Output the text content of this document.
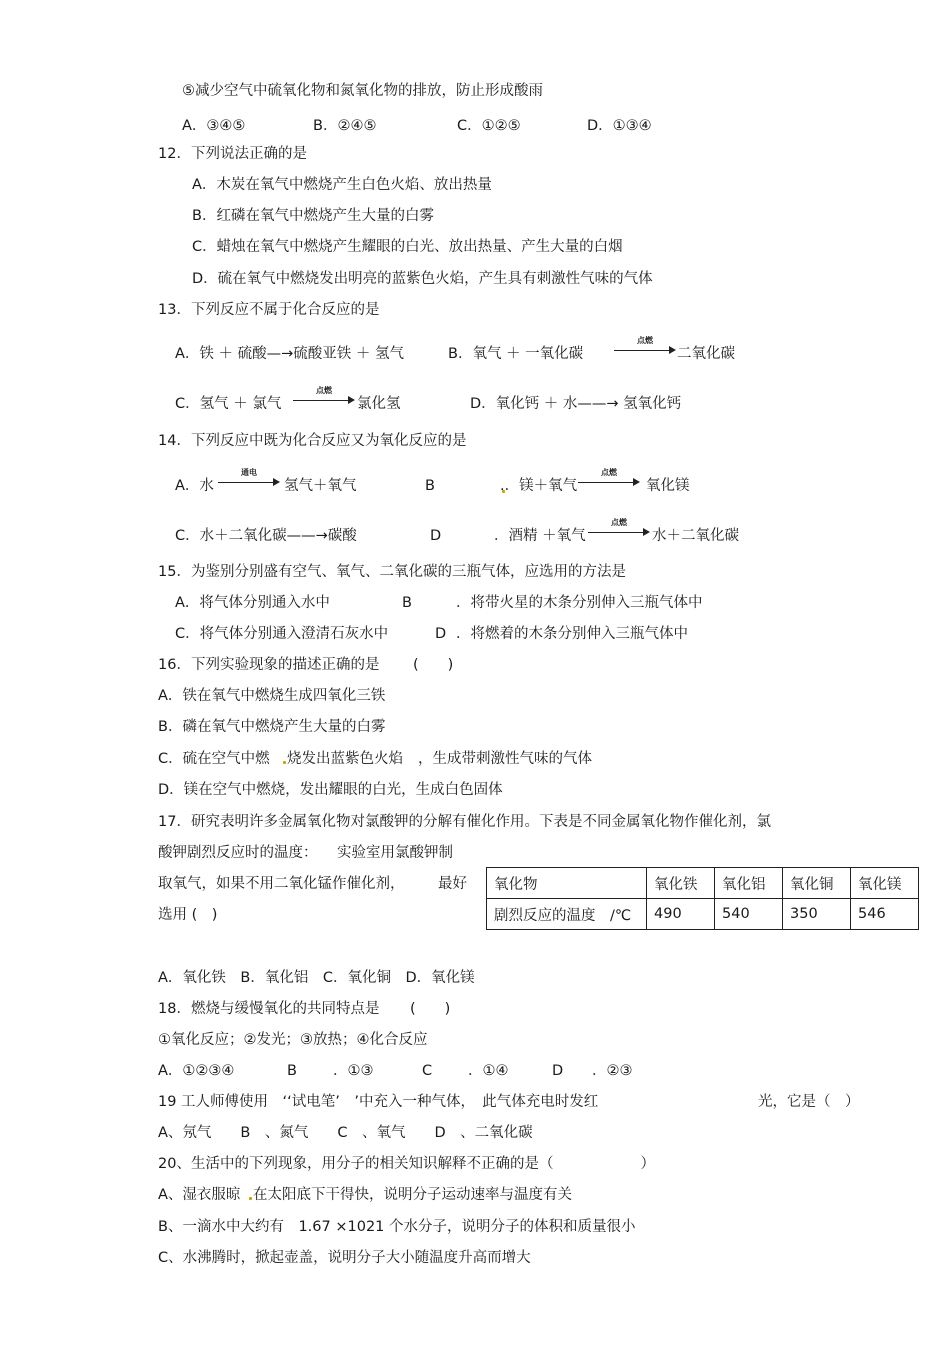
⑤减少空气中硫氧化物和氮氧化物的排放，防止形成酸雨
A．③④⑤	B．②④⑤	C．①②⑤	D．①③④
12．下列说法正确的是
A．木炭在氧气中燃烧产生白色火焰、放出热量
B．红磷在氧气中燃烧产生大量的白雾
C．蜡烛在氧气中燃烧产生耀眼的白光、放出热量、产生大量的白烟
D．硫在氧气中燃烧发出明亮的蓝紫色火焰，产生具有刺激性气味的气体
13．下列反应不属于化合反应的是
A．铁 ＋ 硫酸—→硫酸亚铁 ＋ 氢气	B．氧气 ＋ 一氧化碳
点燃
二氧化碳
C．氢气 ＋ 氯气
点燃
氯化氢	D．氧化钙 ＋ 水——→ 氢氧化钙
14．下列反应中既为化合反应又为氧化反应的是
A．水
通电
氢气＋氧气	B	.．镁＋氧气
点燃
氧化镁
C．水＋二氧化碳——→碳酸	D	．酒精 ＋氧气
点燃
水＋二氧化碳
15．为鉴别分别盛有空气、氧气、二氧化碳的三瓶气体，应选用的方法是
A．将气体分别通入水中	B	．将带火星的木条分别伸入三瓶气体中
C．将气体分别通入澄清石灰水中	D ．将燃着的木条分别伸入三瓶气体中
16．下列实验现象的描述正确的是 (　　)
A．铁在氧气中燃烧生成四氧化三铁
B．磷在氧气中燃烧产生大量的白雾
C．硫在空气中燃 烧发出蓝紫色火焰 ，生成带刺激性气味的气体
D．镁在空气中燃烧，发出耀眼的白光，生成白色固体
17．研究表明许多金属氧化物对氯酸钾的分解有催化作用。下表是不同金属氧化物作催化剂，氯
酸钾剧烈反应时的温度： 实验室用氯酸钾制
取氧气，如果不用二氧化锰作催化剂， 最好
选用 (　)
氧化物	氧化铁	氧化铝	氧化铜	氧化镁
剧烈反应的温度　/℃	490	540	350	546
A．氧化铁　B．氧化铝　C．氧化铜　D．氧化镁
18．燃烧与缓慢氧化的共同特点是 (　　)
①氧化反应；②发光；③放热；④化合反应
A．①②③④	B ．①③	C ．①④	D ．②③
19 工人师傅使用　‘‘试电笔’　’中充入一种气体，　此气体充电时发红	光，它是（　）
A、氖气　　B　、氮气　　C　、氧气　　D　、二氧化碳
20、生活中的下列现象，用分子的相关知识解释不正确的是（　　　　　　）
A、湿衣服晾 在太阳底下干得快，说明分子运动速率与温度有关
B、一滴水中大约有　1.67 ×1021 个水分子，说明分子的体积和质量很小
C、水沸腾时，掀起壶盖，说明分子大小随温度升高而增大
